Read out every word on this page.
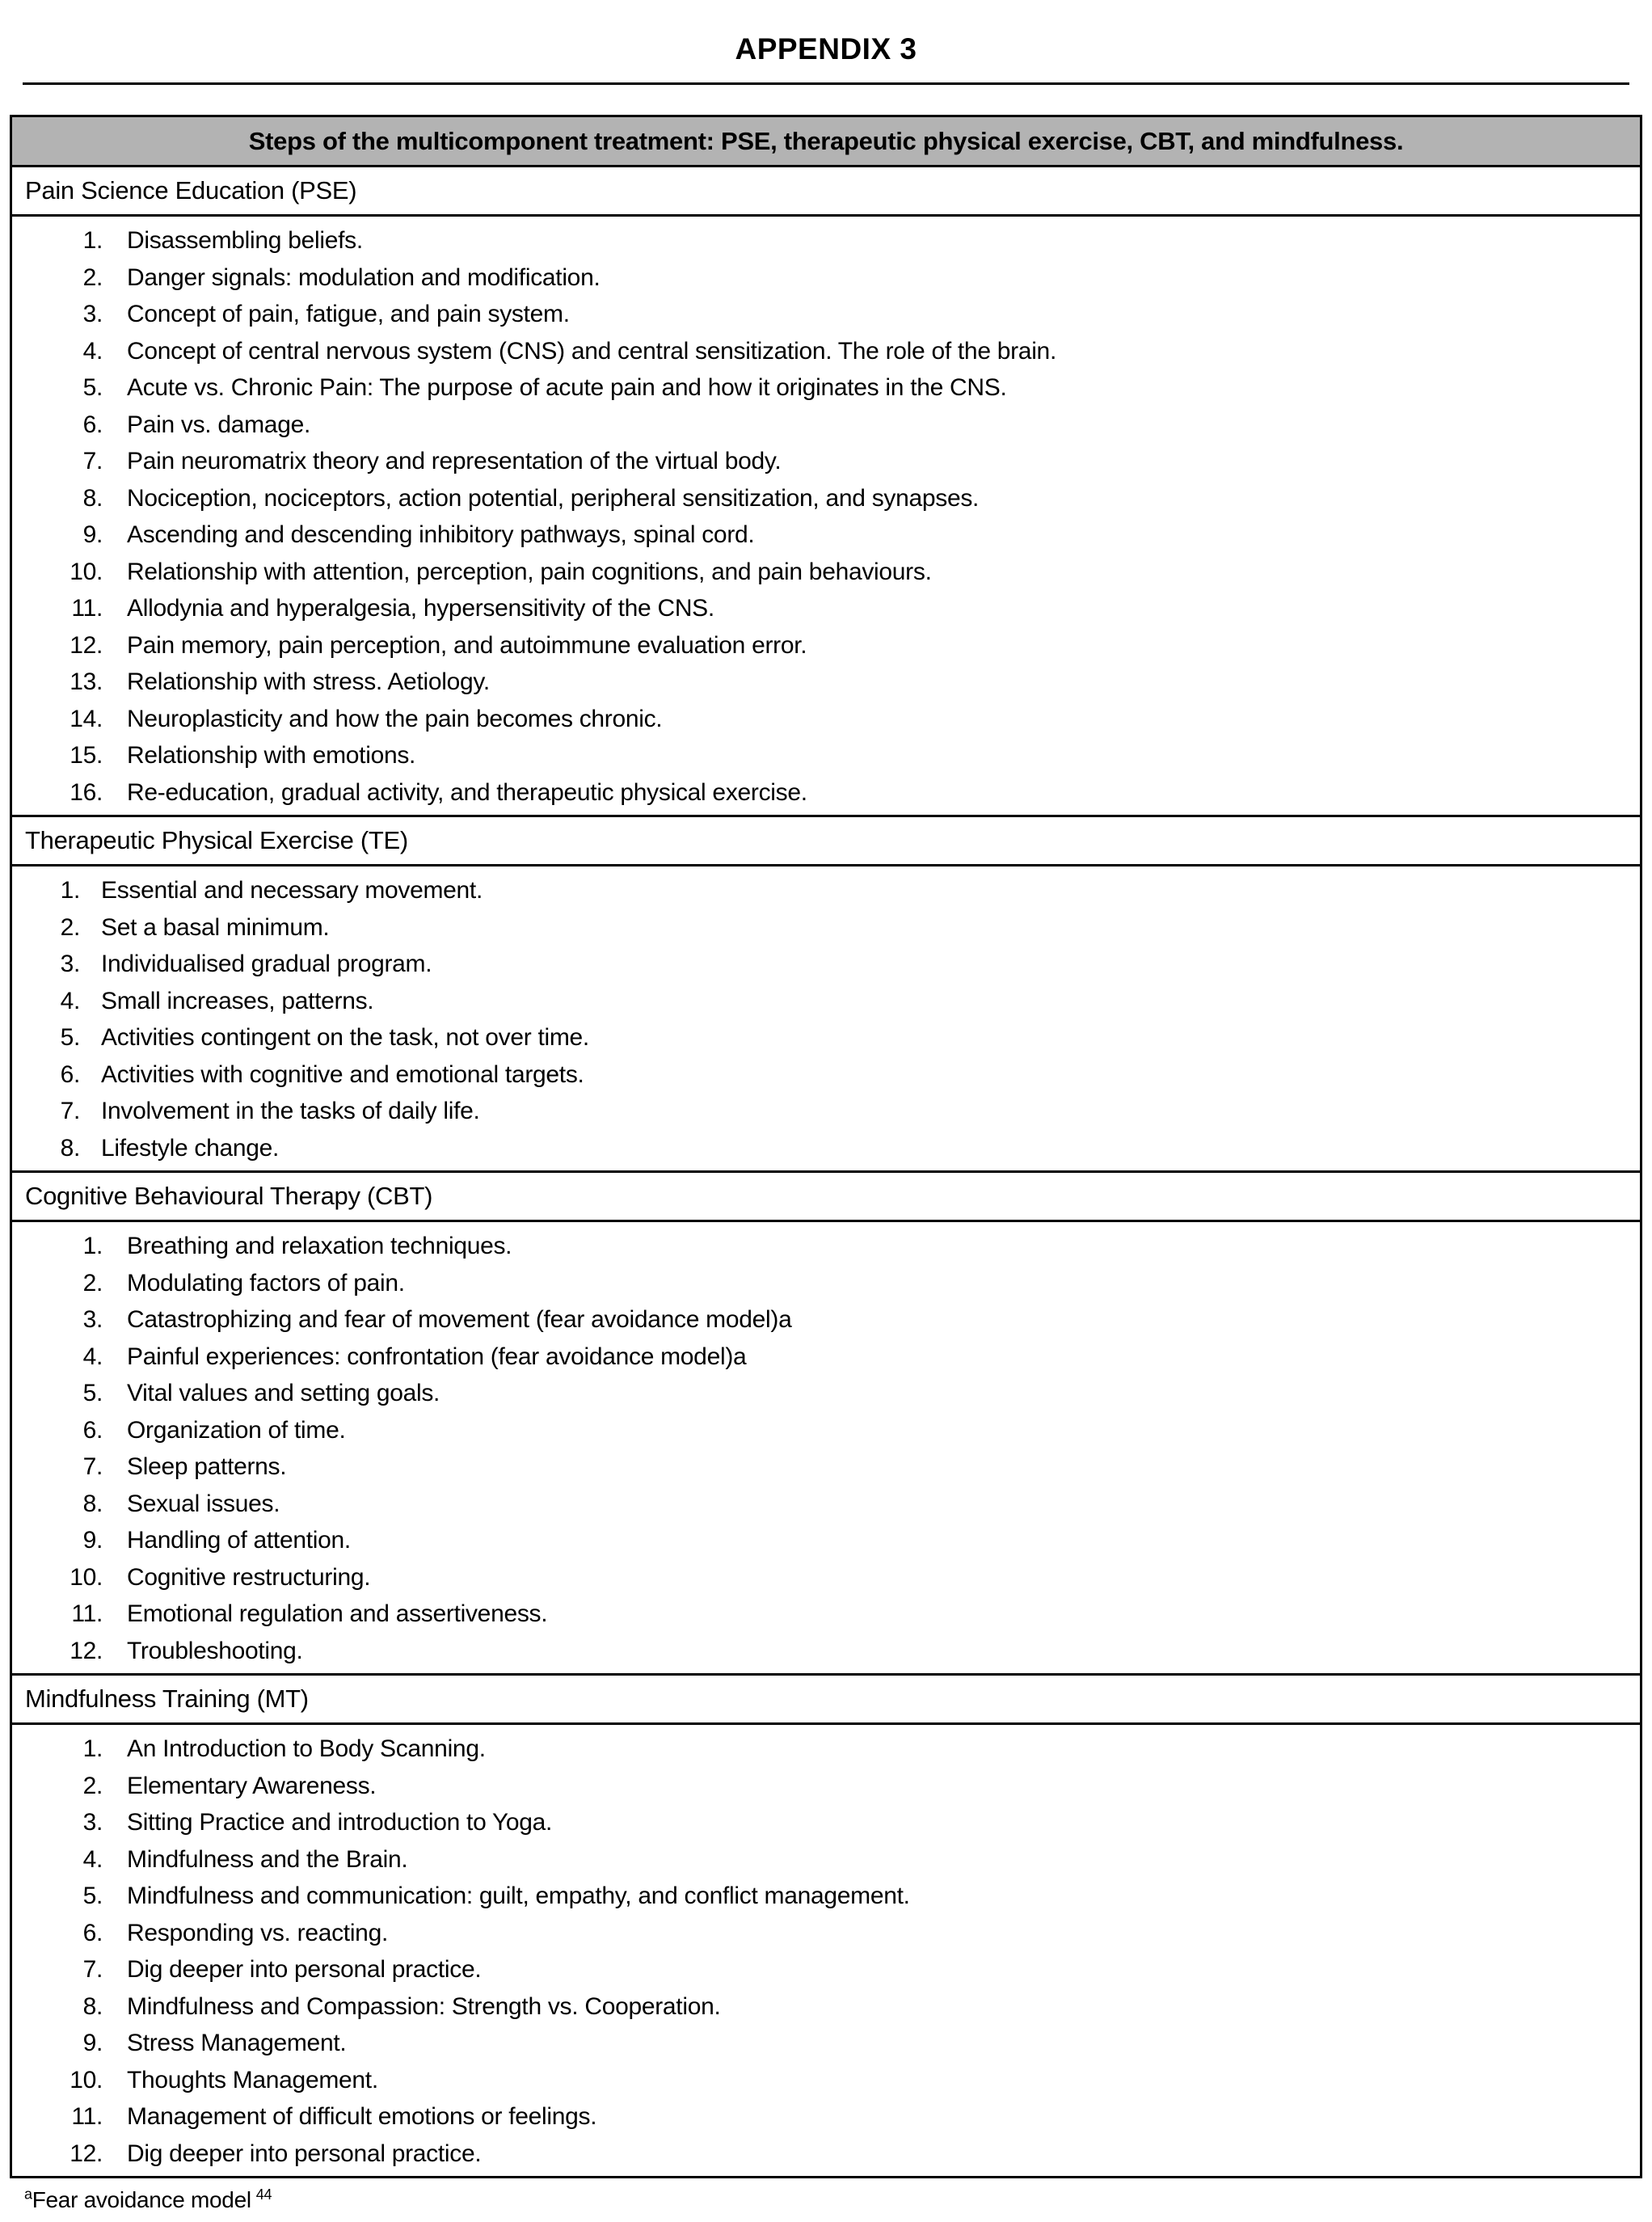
APPENDIX 3
Steps of the multicomponent treatment: PSE, therapeutic physical exercise, CBT, and mindfulness.
Pain Science Education (PSE)
1. Disassembling beliefs.
2. Danger signals: modulation and modification.
3. Concept of pain, fatigue, and pain system.
4. Concept of central nervous system (CNS) and central sensitization. The role of the brain.
5. Acute vs. Chronic Pain: The purpose of acute pain and how it originates in the CNS.
6. Pain vs. damage.
7. Pain neuromatrix theory and representation of the virtual body.
8. Nociception, nociceptors, action potential, peripheral sensitization, and synapses.
9. Ascending and descending inhibitory pathways, spinal cord.
10. Relationship with attention, perception, pain cognitions, and pain behaviours.
11. Allodynia and hyperalgesia, hypersensitivity of the CNS.
12. Pain memory, pain perception, and autoimmune evaluation error.
13. Relationship with stress. Aetiology.
14. Neuroplasticity and how the pain becomes chronic.
15. Relationship with emotions.
16. Re-education, gradual activity, and therapeutic physical exercise.
Therapeutic Physical Exercise (TE)
1. Essential and necessary movement.
2. Set a basal minimum.
3. Individualised gradual program.
4. Small increases, patterns.
5. Activities contingent on the task, not over time.
6. Activities with cognitive and emotional targets.
7. Involvement in the tasks of daily life.
8. Lifestyle change.
Cognitive Behavioural Therapy (CBT)
1. Breathing and relaxation techniques.
2. Modulating factors of pain.
3. Catastrophizing and fear of movement (fear avoidance model)a
4. Painful experiences: confrontation (fear avoidance model)a
5. Vital values and setting goals.
6. Organization of time.
7. Sleep patterns.
8. Sexual issues.
9. Handling of attention.
10. Cognitive restructuring.
11. Emotional regulation and assertiveness.
12. Troubleshooting.
Mindfulness Training (MT)
1. An Introduction to Body Scanning.
2. Elementary Awareness.
3. Sitting Practice and introduction to Yoga.
4. Mindfulness and the Brain.
5. Mindfulness and communication: guilt, empathy, and conflict management.
6. Responding vs. reacting.
7. Dig deeper into personal practice.
8. Mindfulness and Compassion: Strength vs. Cooperation.
9. Stress Management.
10. Thoughts Management.
11. Management of difficult emotions or feelings.
12. Dig deeper into personal practice.
$^a$Fear avoidance model $^{44}$
